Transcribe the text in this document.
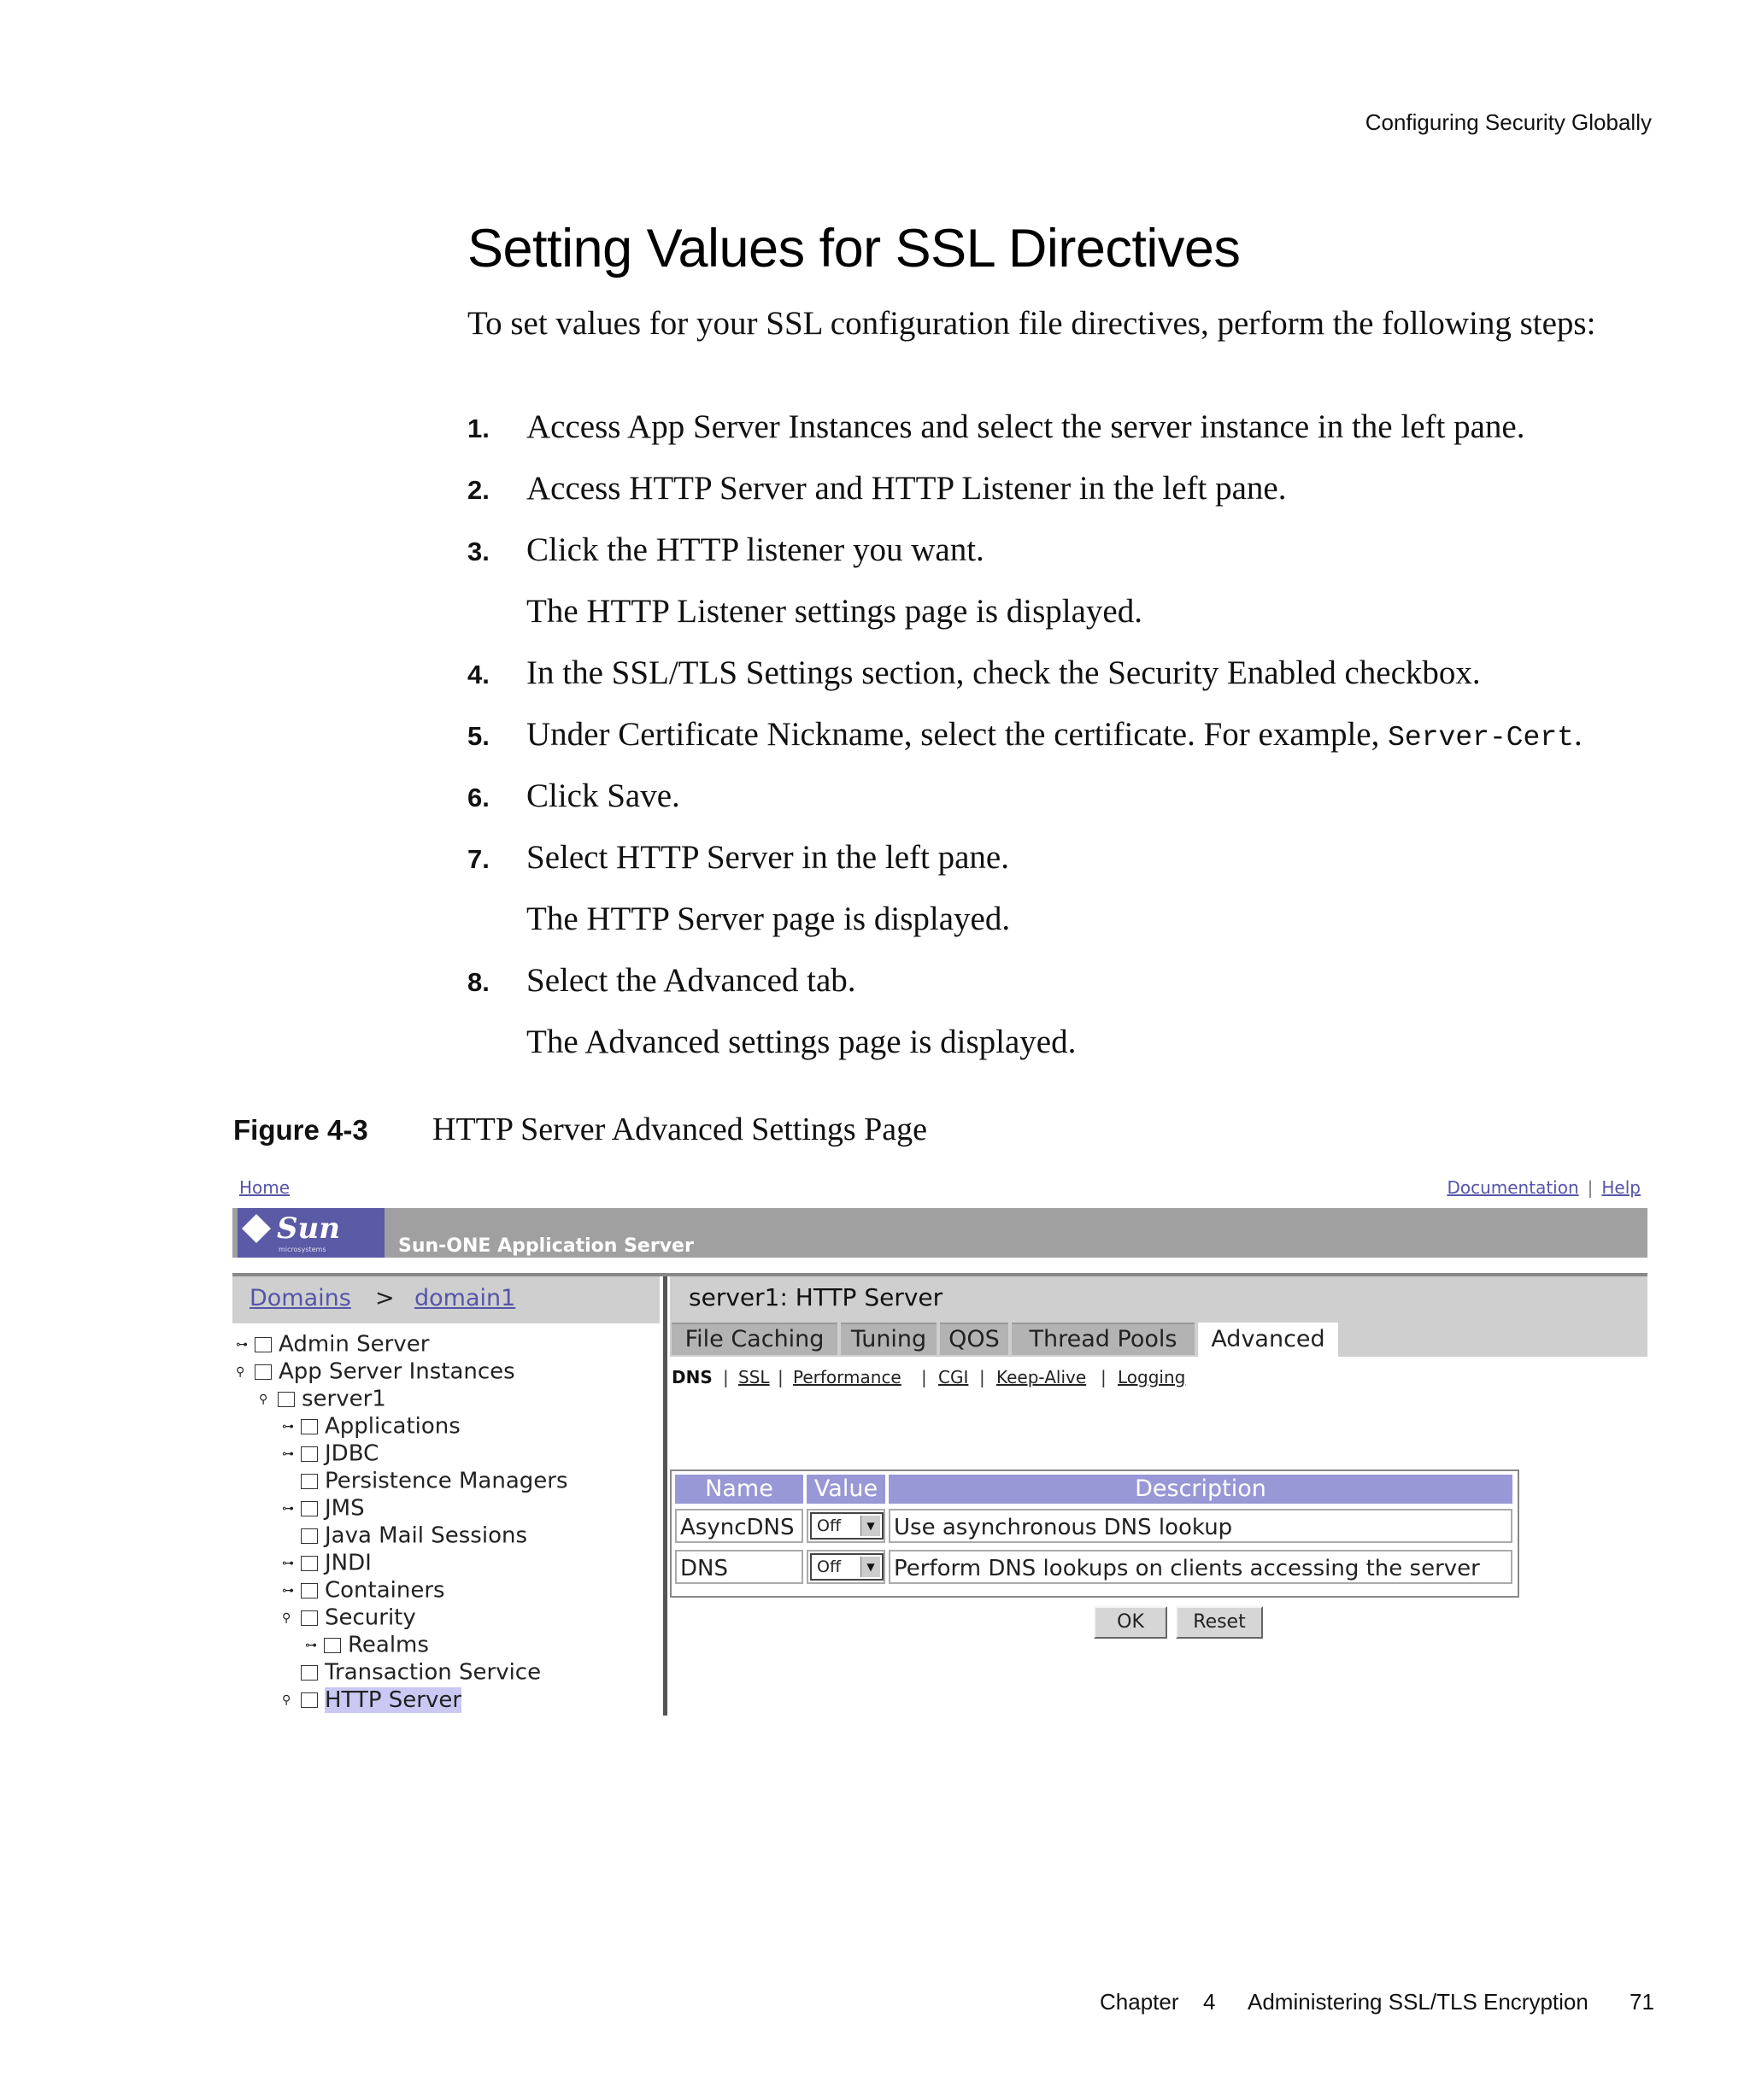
Configuring Security Globally
Setting Values for SSL Directives

To set values for your SSL configuration file directives, perform the following steps:

1. Access App Server Instances and select the server instance in the left pane.
2. Access HTTP Server and HTTP Listener in the left pane.
3. Click the HTTP listener you want.
The HTTP Listener settings page is displayed.
4. In the SSL/TLS Settings section, check the Security Enabled checkbox.
5. Under Certificate Nickname, select the certificate. For example, Server-Cert.
6. Click Save.
7. Select HTTP Server in the left pane.
The HTTP Server page is displayed.
8. Select the Advanced tab.
The Advanced settings page is displayed.
Figure 4-3 HTTP Server Advanced Settings Page
Home	Documentation | Help
Sun
microsystems	Sun-ONE Application Server
Domains > domain1
⊶ Admin Server
⚲ App Server Instances
⚲ server1
⊶ Applications
⊶ JDBC
Persistence Managers
⊶ JMS
Java Mail Sessions
⊶ JNDI
⊶ Containers
⚲ Security
⊶ Realms
Transaction Service
⚲ HTTP Server
server1: HTTP Server
File Caching	Tuning QOS	Thread Pools	Advanced
DNS | SSL | Performance | CGI | Keep-Alive | Logging
Name	Value	Description
AsyncDNS	Off	▼ Use asynchronous DNS lookup
DNS	Off	▼ Perform DNS lookups on clients accessing the server
OK	Reset
Chapter 4 Administering SSL/TLS Encryption 71
